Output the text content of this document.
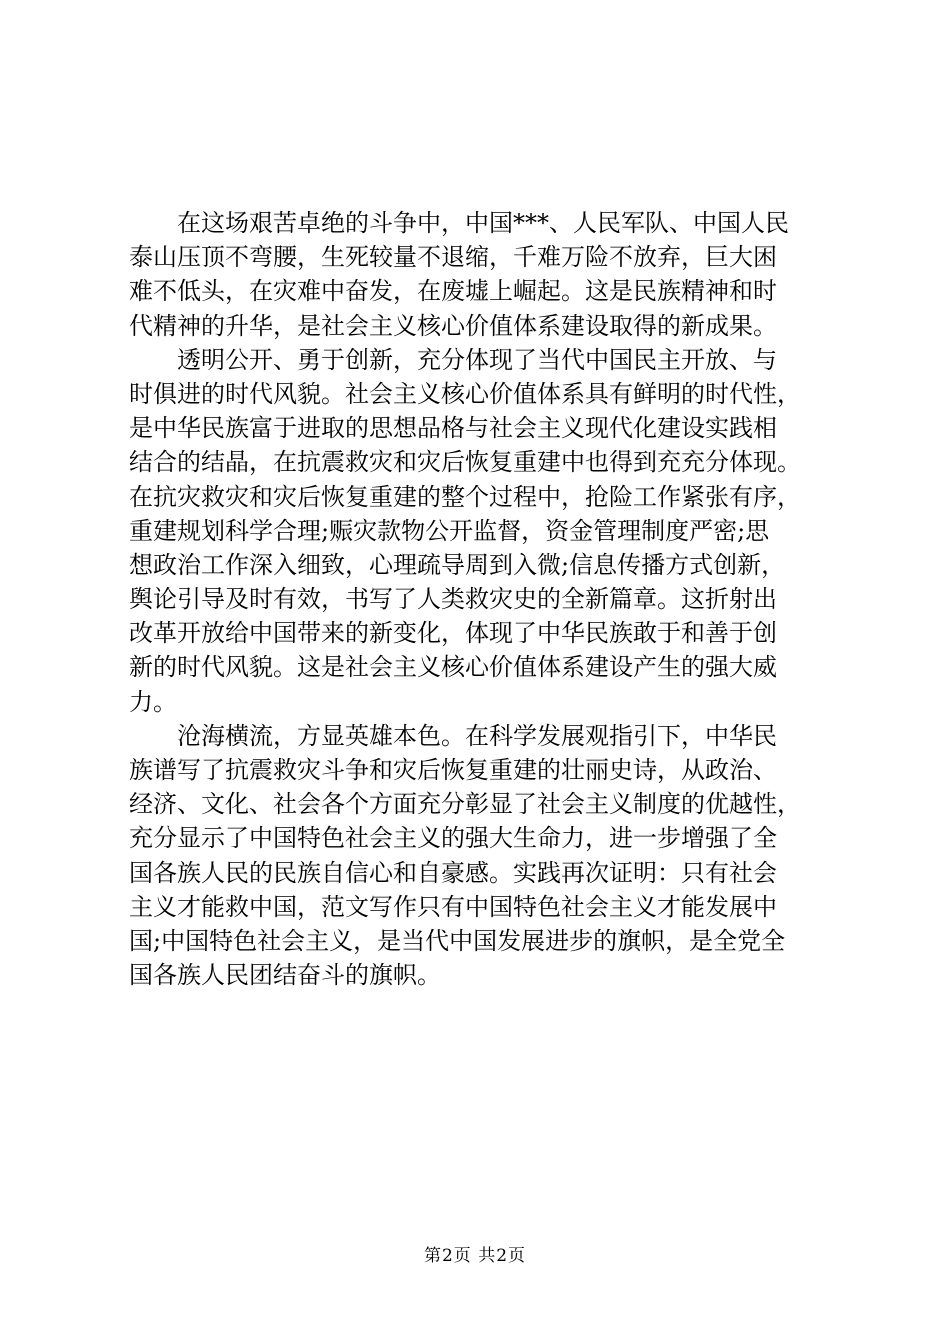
在这场艰苦卓绝的斗争中，中国***、人民军队、中国人民
泰山压顶不弯腰，生死较量不退缩，千难万险不放弃，巨大困
难不低头，在灾难中奋发，在废墟上崛起。这是民族精神和时
代精神的升华，是社会主义核心价值体系建设取得的新成果。
透明公开、勇于创新，充分体现了当代中国民主开放、与
时俱进的时代风貌。社会主义核心价值体系具有鲜明的时代性，
是中华民族富于进取的思想品格与社会主义现代化建设实践相
结合的结晶，在抗震救灾和灾后恢复重建中也得到充充分体现。
在抗灾救灾和灾后恢复重建的整个过程中，抢险工作紧张有序，
重建规划科学合理;赈灾款物公开监督，资金管理制度严密;思
想政治工作深入细致，心理疏导周到入微;信息传播方式创新，
舆论引导及时有效，书写了人类救灾史的全新篇章。这折射出
改革开放给中国带来的新变化，体现了中华民族敢于和善于创
新的时代风貌。这是社会主义核心价值体系建设产生的强大威
力。
沧海横流，方显英雄本色。在科学发展观指引下，中华民
族谱写了抗震救灾斗争和灾后恢复重建的壮丽史诗，从政治、
经济、文化、社会各个方面充分彰显了社会主义制度的优越性，
充分显示了中国特色社会主义的强大生命力，进一步增强了全
国各族人民的民族自信心和自豪感。实践再次证明：只有社会
主义才能救中国，范文写作只有中国特色社会主义才能发展中
国;中国特色社会主义，是当代中国发展进步的旗帜，是全党全
国各族人民团结奋斗的旗帜。
第2页 共2页
